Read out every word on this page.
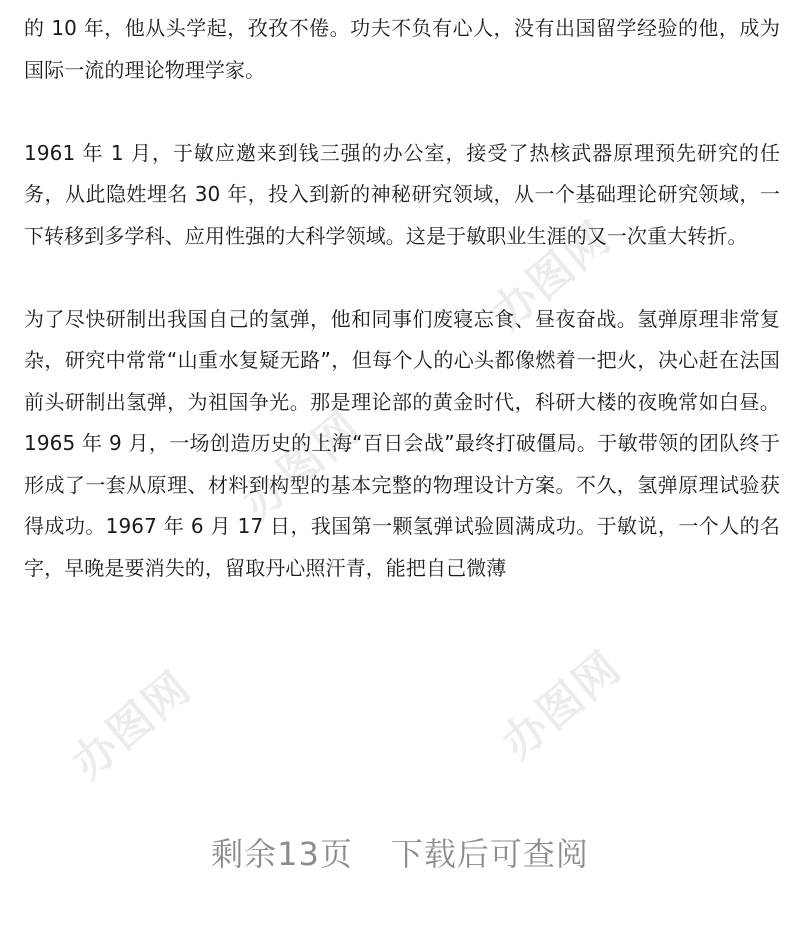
办图网
办图网
办图网
办图网

的 10 年，他从头学起，孜孜不倦。功夫不负有心人，没有出国留学经验的他，成为国际一流的理论物理学家。

1961 年 1 月，于敏应邀来到钱三强的办公室，接受了热核武器原理预先研究的任务，从此隐姓埋名 30 年，投入到新的神秘研究领域，从一个基础理论研究领域，一下转移到多学科、应用性强的大科学领域。这是于敏职业生涯的又一次重大转折。

为了尽快研制出我国自己的氢弹，他和同事们废寝忘食、昼夜奋战。氢弹原理非常复杂，研究中常常“山重水复疑无路”，但每个人的心头都像燃着一把火，决心赶在法国前头研制出氢弹，为祖国争光。那是理论部的黄金时代，科研大楼的夜晚常如白昼。1965 年 9 月，一场创造历史的上海“百日会战”最终打破僵局。于敏带领的团队终于形成了一套从原理、材料到构型的基本完整的物理设计方案。不久，氢弹原理试验获得成功。1967 年 6 月 17 日，我国第一颗氢弹试验圆满成功。于敏说，一个人的名字，早晚是要消失的，留取丹心照汗青，能把自己微薄

剩余13页 下载后可查阅
